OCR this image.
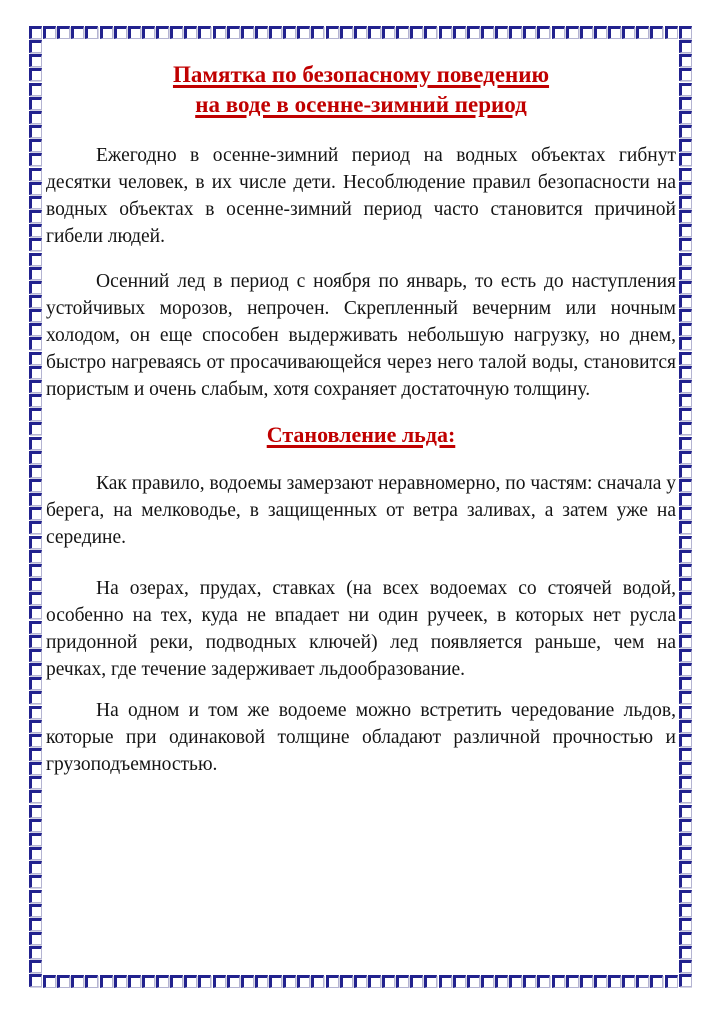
Памятка по безопасному поведению
на воде в осенне-зимний период

Ежегодно в осенне-зимний период на водных объектах гибнут десятки человек, в их числе дети. Несоблюдение правил безопасности на водных объектах в осенне-зимний период часто становится причиной гибели людей.

Осенний лед в период с ноября по январь, то есть до наступления устойчивых морозов, непрочен. Скрепленный вечерним или ночным холодом, он еще способен выдерживать небольшую нагрузку, но днем, быстро нагреваясь от просачивающейся через него талой воды, становится пористым и очень слабым, хотя сохраняет достаточную толщину.

Становление льда:

Как правило, водоемы замерзают неравномерно, по частям: сначала у берега, на мелководье, в защищенных от ветра заливах, а затем уже на середине.

На озерах, прудах, ставках (на всех водоемах со стоячей водой, особенно на тех, куда не впадает ни один ручеек, в которых нет русла придонной реки, подводных ключей) лед появляется раньше, чем на речках, где течение задерживает льдообразование.

На одном и том же водоеме можно встретить чередование льдов, которые при одинаковой толщине обладают различной прочностью и грузоподъемностью.
